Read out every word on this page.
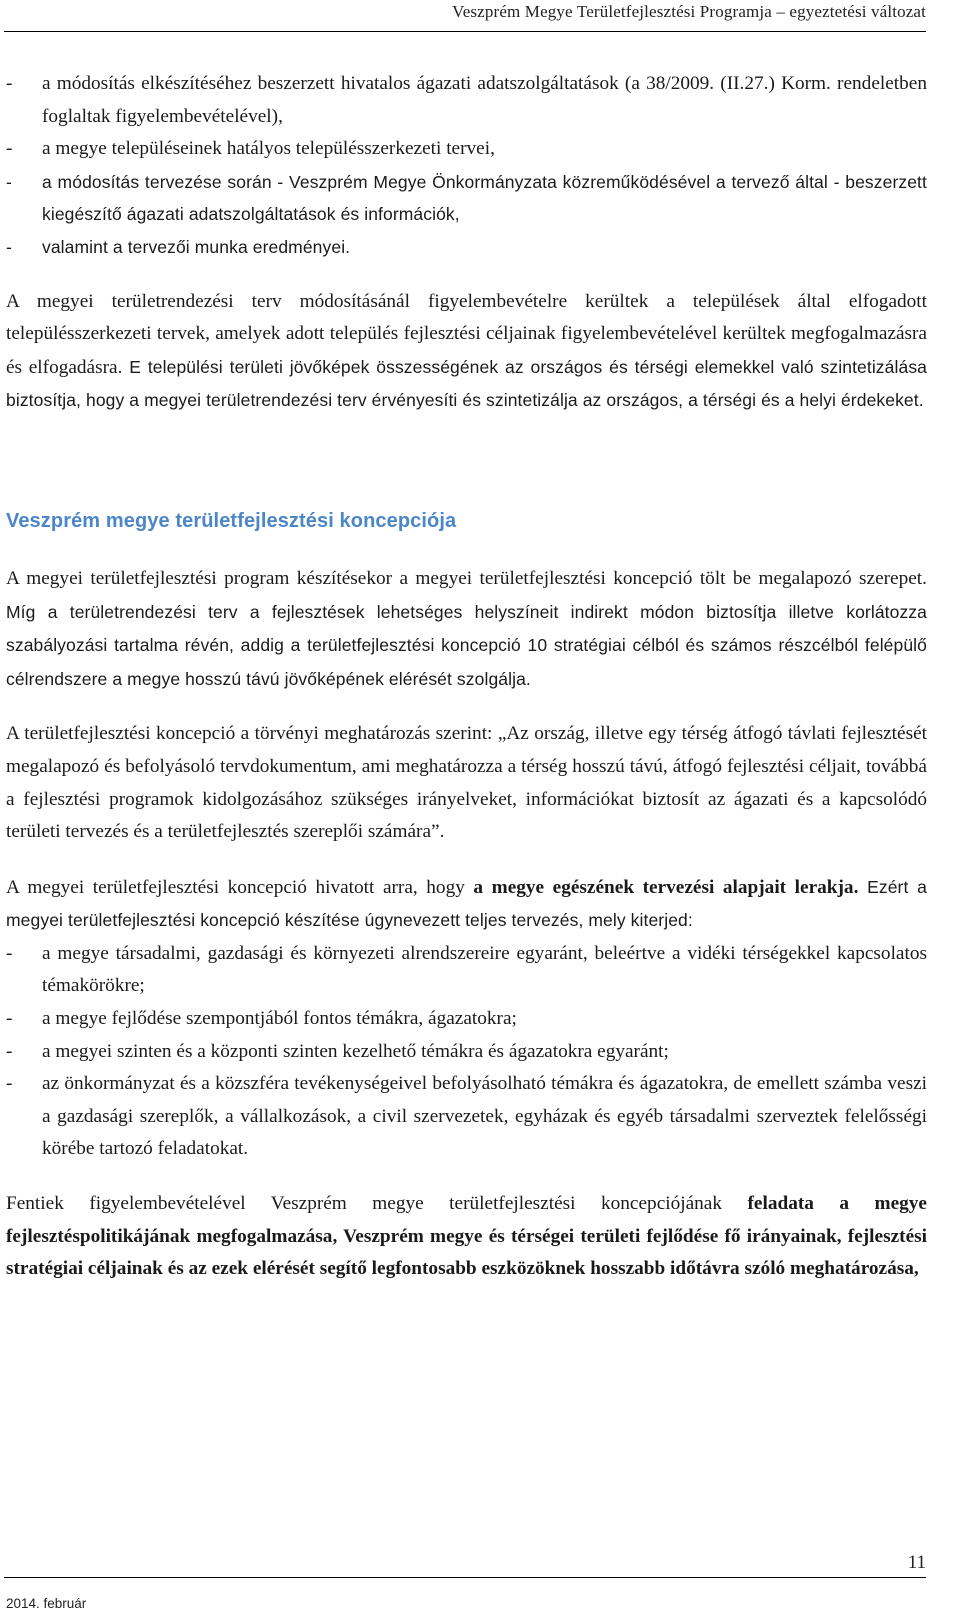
Veszprém Megye Területfejlesztési Programja – egyeztetési változat
- a módosítás elkészítéséhez beszerzett hivatalos ágazati adatszolgáltatások (a 38/2009. (II.27.) Korm. rendeletben foglaltak figyelembevételével),
- a megye településeinek hatályos településszerkezeti tervei,
- a módosítás tervezése során - Veszprém Megye Önkormányzata közreműködésével a tervező által - beszerzett kiegészítő ágazati adatszolgáltatások és információk,
- valamint a tervezői munka eredményei.

A megyei területrendezési terv módosításánál figyelembevételre kerültek a települések által elfogadott településszerkezeti tervek, amelyek adott település fejlesztési céljainak figyelembevételével kerültek megfogalmazásra és elfogadásra. E települési területi jövőképek összességének az országos és térségi elemekkel való szintetizálása biztosítja, hogy a megyei területrendezési terv érvényesíti és szintetizálja az országos, a térségi és a helyi érdekeket.

Veszprém megye területfejlesztési koncepciója

A megyei területfejlesztési program készítésekor a megyei területfejlesztési koncepció tölt be megalapozó szerepet. Míg a területrendezési terv a fejlesztések lehetséges helyszíneit indirekt módon biztosítja illetve korlátozza szabályozási tartalma révén, addig a területfejlesztési koncepció 10 stratégiai célból és számos részcélból felépülő célrendszere a megye hosszú távú jövőképének elérését szolgálja.

A területfejlesztési koncepció a törvényi meghatározás szerint: „Az ország, illetve egy térség átfogó távlati fejlesztését megalapozó és befolyásoló tervdokumentum, ami meghatározza a térség hosszú távú, átfogó fejlesztési céljait, továbbá a fejlesztési programok kidolgozásához szükséges irányelveket, információkat biztosít az ágazati és a kapcsolódó területi tervezés és a területfejlesztés szereplői számára”.

A megyei területfejlesztési koncepció hivatott arra, hogy a megye egészének tervezési alapjait lerakja. Ezért a megyei területfejlesztési koncepció készítése úgynevezett teljes tervezés, mely kiterjed:

- a megye társadalmi, gazdasági és környezeti alrendszereire egyaránt, beleértve a vidéki térségekkel kapcsolatos témakörökre;
- a megye fejlődése szempontjából fontos témákra, ágazatokra;
- a megyei szinten és a központi szinten kezelhető témákra és ágazatokra egyaránt;
- az önkormányzat és a közszféra tevékenységeivel befolyásolható témákra és ágazatokra, de emellett számba veszi a gazdasági szereplők, a vállalkozások, a civil szervezetek, egyházak és egyéb társadalmi szerveztek felelősségi körébe tartozó feladatokat.

Fentiek figyelembevételével Veszprém megye területfejlesztési koncepciójának feladata a megye fejlesztéspolitikájának megfogalmazása, Veszprém megye és térségei területi fejlődése fő irányainak, fejlesztési stratégiai céljainak és az ezek elérését segítő legfontosabb eszközöknek hosszabb időtávra szóló meghatározása,

11
2014. február
